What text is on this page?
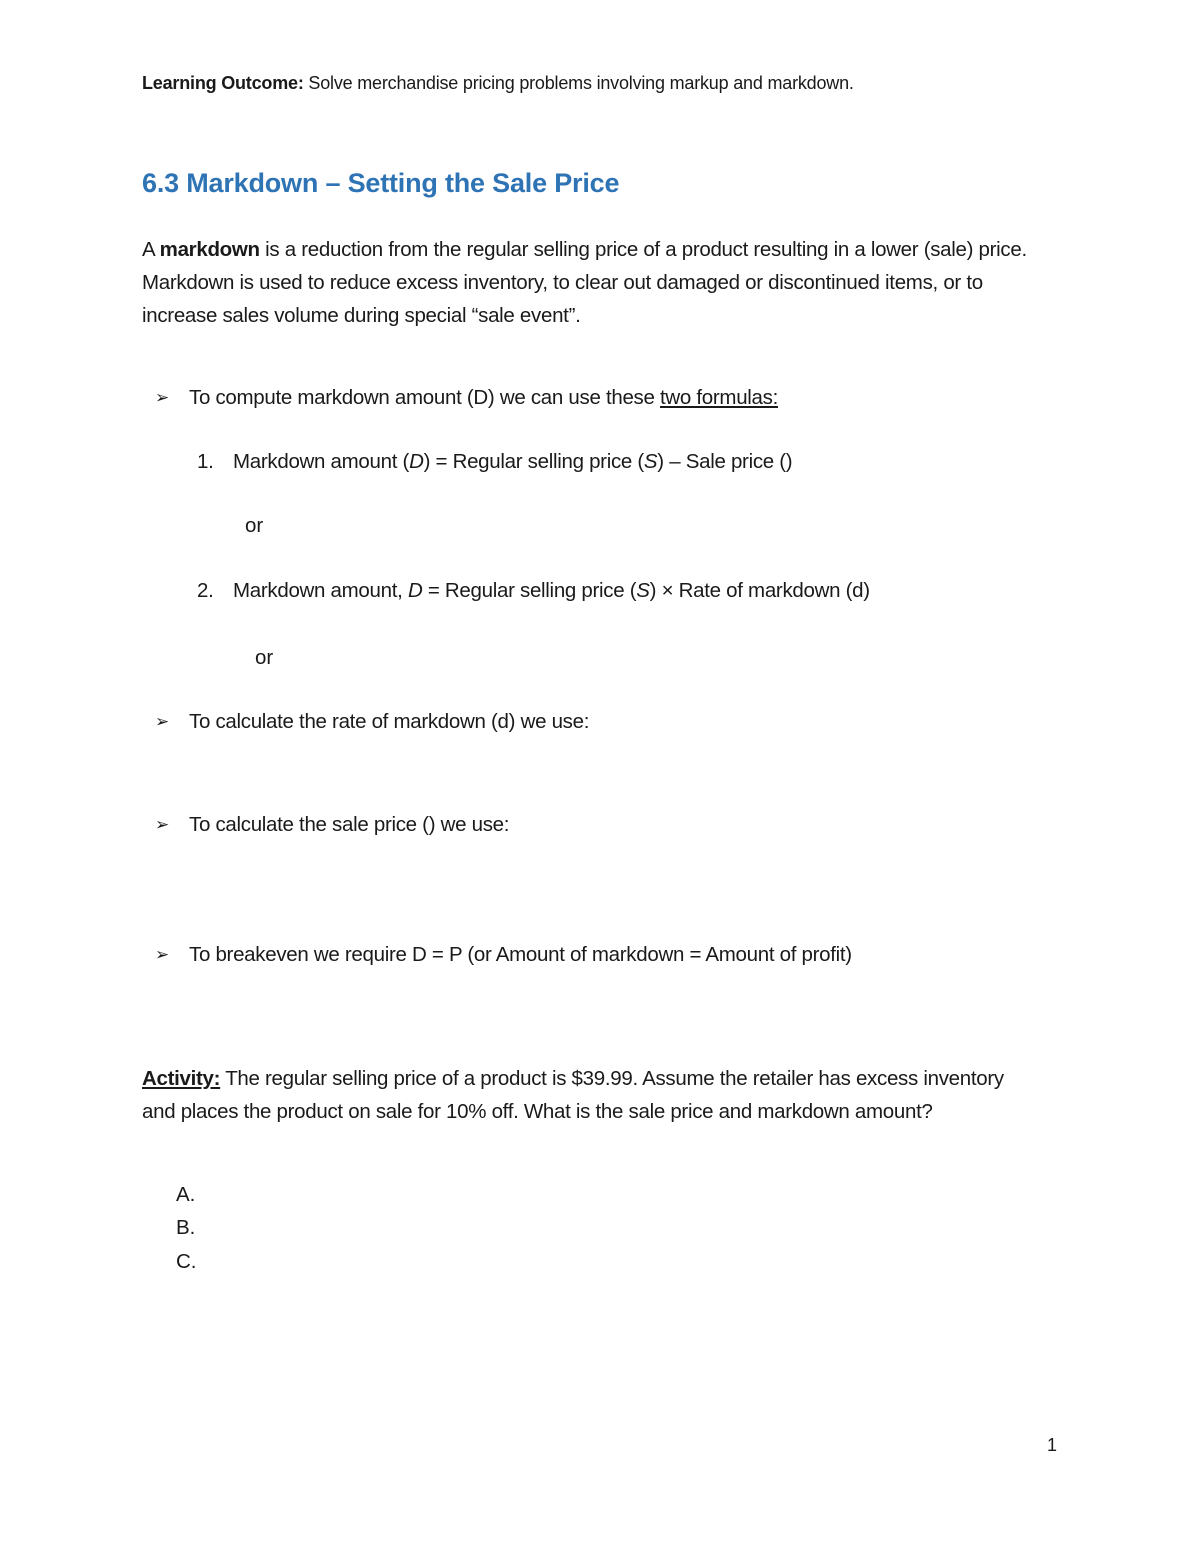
Learning Outcome: Solve merchandise pricing problems involving markup and markdown.
6.3 Markdown – Setting the Sale Price
A markdown is a reduction from the regular selling price of a product resulting in a lower (sale) price. Markdown is used to reduce excess inventory, to clear out damaged or discontinued items, or to increase sales volume during special “sale event”.
➢ To compute markdown amount (D) we can use these two formulas:
1. Markdown amount (D) = Regular selling price (S) – Sale price ()
or
2. Markdown amount, D = Regular selling price (S) × Rate of markdown (d)
or
➢ To calculate the rate of markdown (d) we use:
➢ To calculate the sale price () we use:
➢ To breakeven we require D = P (or Amount of markdown = Amount of profit)
Activity: The regular selling price of a product is $39.99. Assume the retailer has excess inventory and places the product on sale for 10% off. What is the sale price and markdown amount?
A.
B.
C.
1
